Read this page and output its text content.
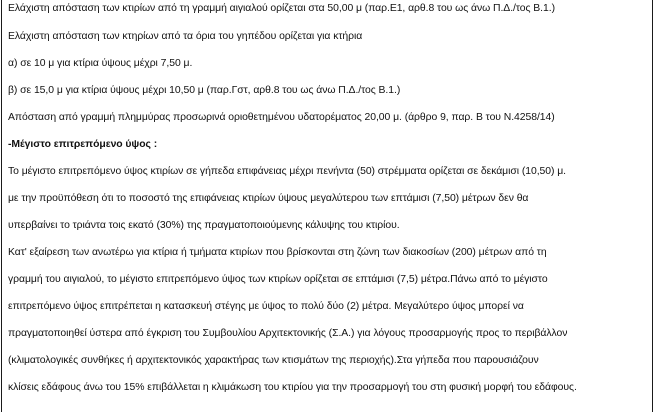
Ελάχιστη απόσταση των κτιρίων από τη γραμμή αιγιαλού ορίζεται στα 50,00 μ (παρ.Ε1, αρθ.8 του ως άνω Π.Δ./τος Β.1.)
Ελάχιστη απόσταση των κτηρίων από τα όρια του γηπέδου ορίζεται για κτήρια
α) σε 10 μ για κτίρια ύψους μέχρι 7,50 μ.
β) σε 15,0 μ για κτίρια ύψους μέχρι 10,50 μ (παρ.Γστ, αρθ.8 του ως άνω Π.Δ./τος Β.1.)
Απόσταση από γραμμή πλημμύρας προσωρινά οριοθετημένου υδατορέματος 20,00 μ. (άρθρο 9, παρ. Β του Ν.4258/14)
-Μέγιστο επιτρεπόμενο ύψος :
Το μέγιστο επιτρεπόμενο ύψος κτιρίων σε γήπεδα επιφάνειας μέχρι πενήντα (50) στρέμματα ορίζεται σε δεκάμισι (10,50) μ.
με την προϋπόθεση ότι το ποσοστό της επιφάνειας κτιρίων ύψους μεγαλύτερου των επτάμισι (7,50) μέτρων δεν θα
υπερβαίνει το τριάντα τοις εκατό (30%) της πραγματοποιούμενης κάλυψης του κτιρίου.
Κατ' εξαίρεση των ανωτέρω για κτίρια ή τμήματα κτιρίων που βρίσκονται στη ζώνη των διακοσίων (200) μέτρων από τη
γραμμή του αιγιαλού, το μέγιστο επιτρεπόμενο ύψος των κτιρίων ορίζεται σε επτάμισι (7,5) μέτρα.Πάνω από το μέγιστο
επιτρεπόμενο ύψος επιτρέπεται η κατασκευή στέγης με ύψος το πολύ δύο (2) μέτρα. Μεγαλύτερο ύψος μπορεί να
πραγματοποιηθεί ύστερα από έγκριση του Συμβουλίου Αρχιτεκτονικής (Σ.Α.) για λόγους προσαρμογής προς το περιβάλλον
(κλιματολογικές συνθήκες ή αρχιτεκτονικός χαρακτήρας των κτισμάτων της περιοχής).Στα γήπεδα που παρουσιάζουν
κλίσεις εδάφους άνω του 15% επιβάλλεται η κλιμάκωση του κτιρίου για την προσαρμογή του στη φυσική μορφή του εδάφους.
